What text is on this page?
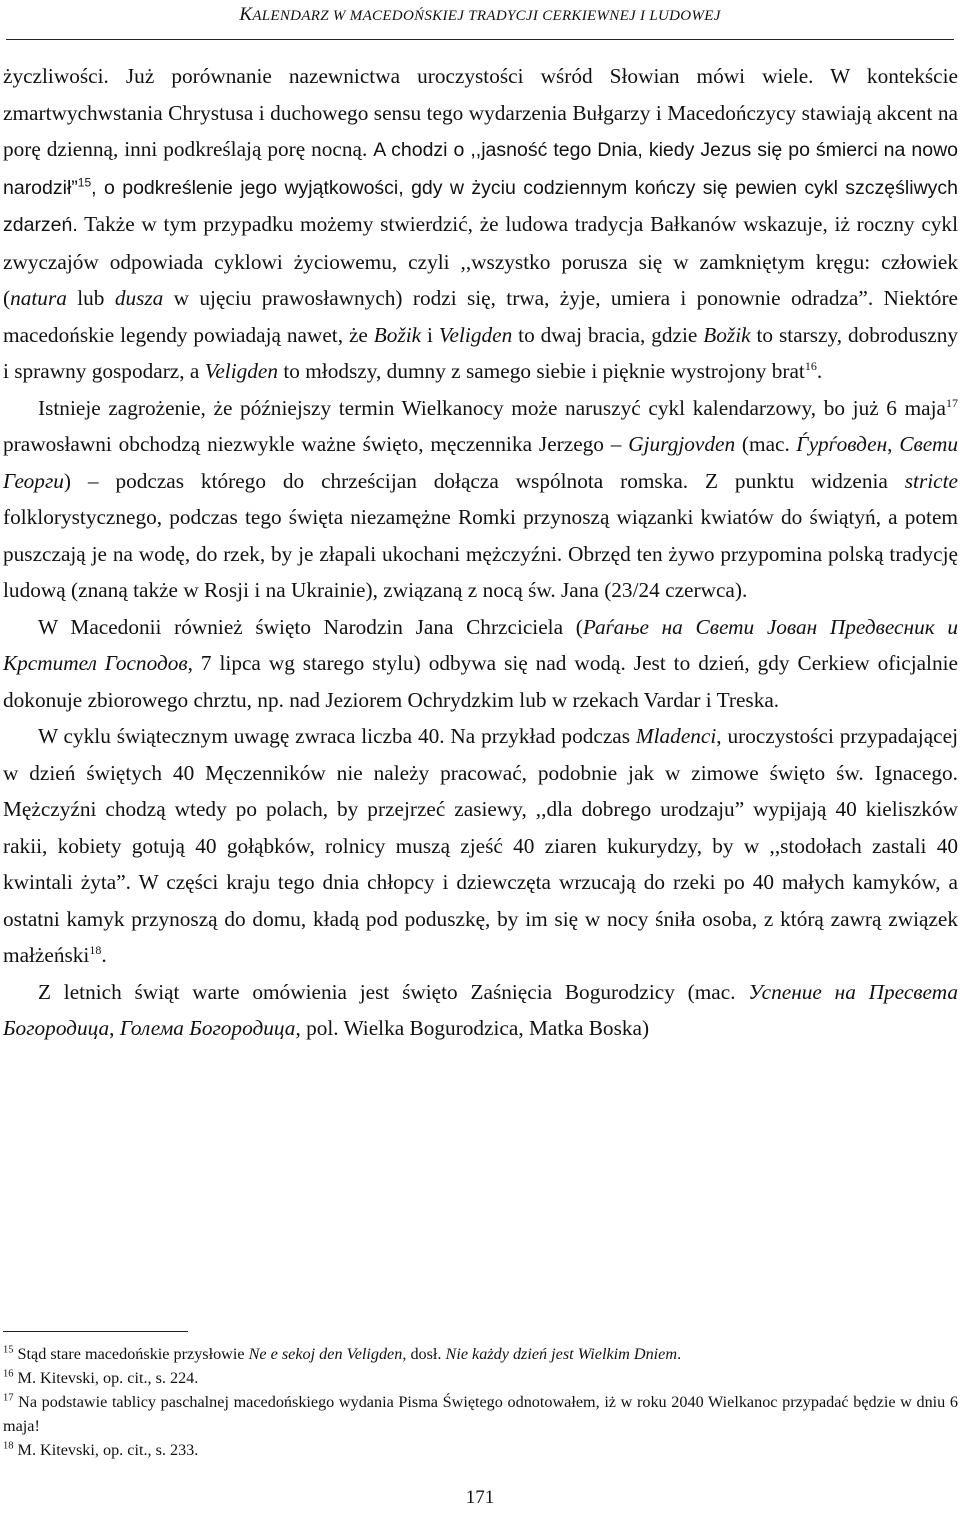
KALENDARZ W MACEDOŃSKIEJ TRADYCJI CERKIEWNEJ I LUDOWEJ

życzliwości. Już porównanie nazewnictwa uroczystości wśród Słowian mówi wiele. W kontekście zmartwychwstania Chrystusa i duchowego sensu tego wydarzenia Bułgarzy i Macedończycy stawiają akcent na porę dzienną, inni podkreślają porę nocną. A chodzi o ,,jasność tego Dnia, kiedy Jezus się po śmierci na nowo narodził”$^{15}$, o podkreślenie jego wyjątkowości, gdy w życiu codziennym kończy się pewien cykl szczęśliwych zdarzeń. Także w tym przypadku możemy stwierdzić, że ludowa tradycja Bałkanów wskazuje, iż roczny cykl zwyczajów odpowiada cyklowi życiowemu, czyli ,,wszystko porusza się w zamkniętym kręgu: człowiek (natura lub dusza w ujęciu prawosławnych) rodzi się, trwa, żyje, umiera i ponownie odradza”. Niektóre macedońskie legendy powiadają nawet, że Božik i Veligden to dwaj bracia, gdzie Božik to starszy, dobroduszny i sprawny gospodarz, a Veligden to młodszy, dumny z samego siebie i pięknie wystrojony brat$^{16}$.

Istnieje zagrożenie, że późniejszy termin Wielkanocy może naruszyć cykl kalendarzowy, bo już 6 maja$^{17}$ prawosławni obchodzą niezwykle ważne święto, męczennika Jerzego – Gjurgjovden (mac. Ѓурѓовден, Свети Георги) – podczas którego do chrześcijan dołącza wspólnota romska. Z punktu widzenia stricte folklorystycznego, podczas tego święta niezamężne Romki przynoszą wiązanki kwiatów do świątyń, a potem puszczają je na wodę, do rzek, by je złapali ukochani mężczyźni. Obrzęd ten żywo przypomina polską tradycję ludową (znaną także w Rosji i na Ukrainie), związaną z nocą św. Jana (23/24 czerwca).

W Macedonii również święto Narodzin Jana Chrzciciela (Раѓање на Свети Јован Предвесник и Крстител Господов, 7 lipca wg starego stylu) odbywa się nad wodą. Jest to dzień, gdy Cerkiew oficjalnie dokonuje zbiorowego chrztu, np. nad Jeziorem Ochrydzkim lub w rzekach Vardar i Treska.

W cyklu świątecznym uwagę zwraca liczba 40. Na przykład podczas Mladenci, uroczystości przypadającej w dzień świętych 40 Męczenników nie należy pracować, podobnie jak w zimowe święto św. Ignacego. Mężczyźni chodzą wtedy po polach, by przejrzeć zasiewy, ,,dla dobrego urodzaju” wypijają 40 kieliszków rakii, kobiety gotują 40 gołąbków, rolnicy muszą zjeść 40 ziaren kukurydzy, by w ,,stodołach zastali 40 kwintali żyta”. W części kraju tego dnia chłopcy i dziewczęta wrzucają do rzeki po 40 małych kamyków, a ostatni kamyk przynoszą do domu, kładą pod poduszkę, by im się w nocy śniła osoba, z którą zawrą związek małżeński$^{18}$.

Z letnich świąt warte omówienia jest święto Zaśnięcia Bogurodzicy (mac. Успение на Пресвета Богородица, Голема Богородица, pol. Wielka Bogurodzica, Matka Boska)

$^{15}$ Stąd stare macedońskie przysłowie Ne e sekoj den Veligden, dosł. Nie każdy dzień jest Wielkim Dniem.

$^{16}$ M. Kitevski, op. cit., s. 224.

$^{17}$ Na podstawie tablicy paschalnej macedońskiego wydania Pisma Świętego odnotowałem, iż w roku 2040 Wielkanoc przypadać będzie w dniu 6 maja!

$^{18}$ M. Kitevski, op. cit., s. 233.

171
